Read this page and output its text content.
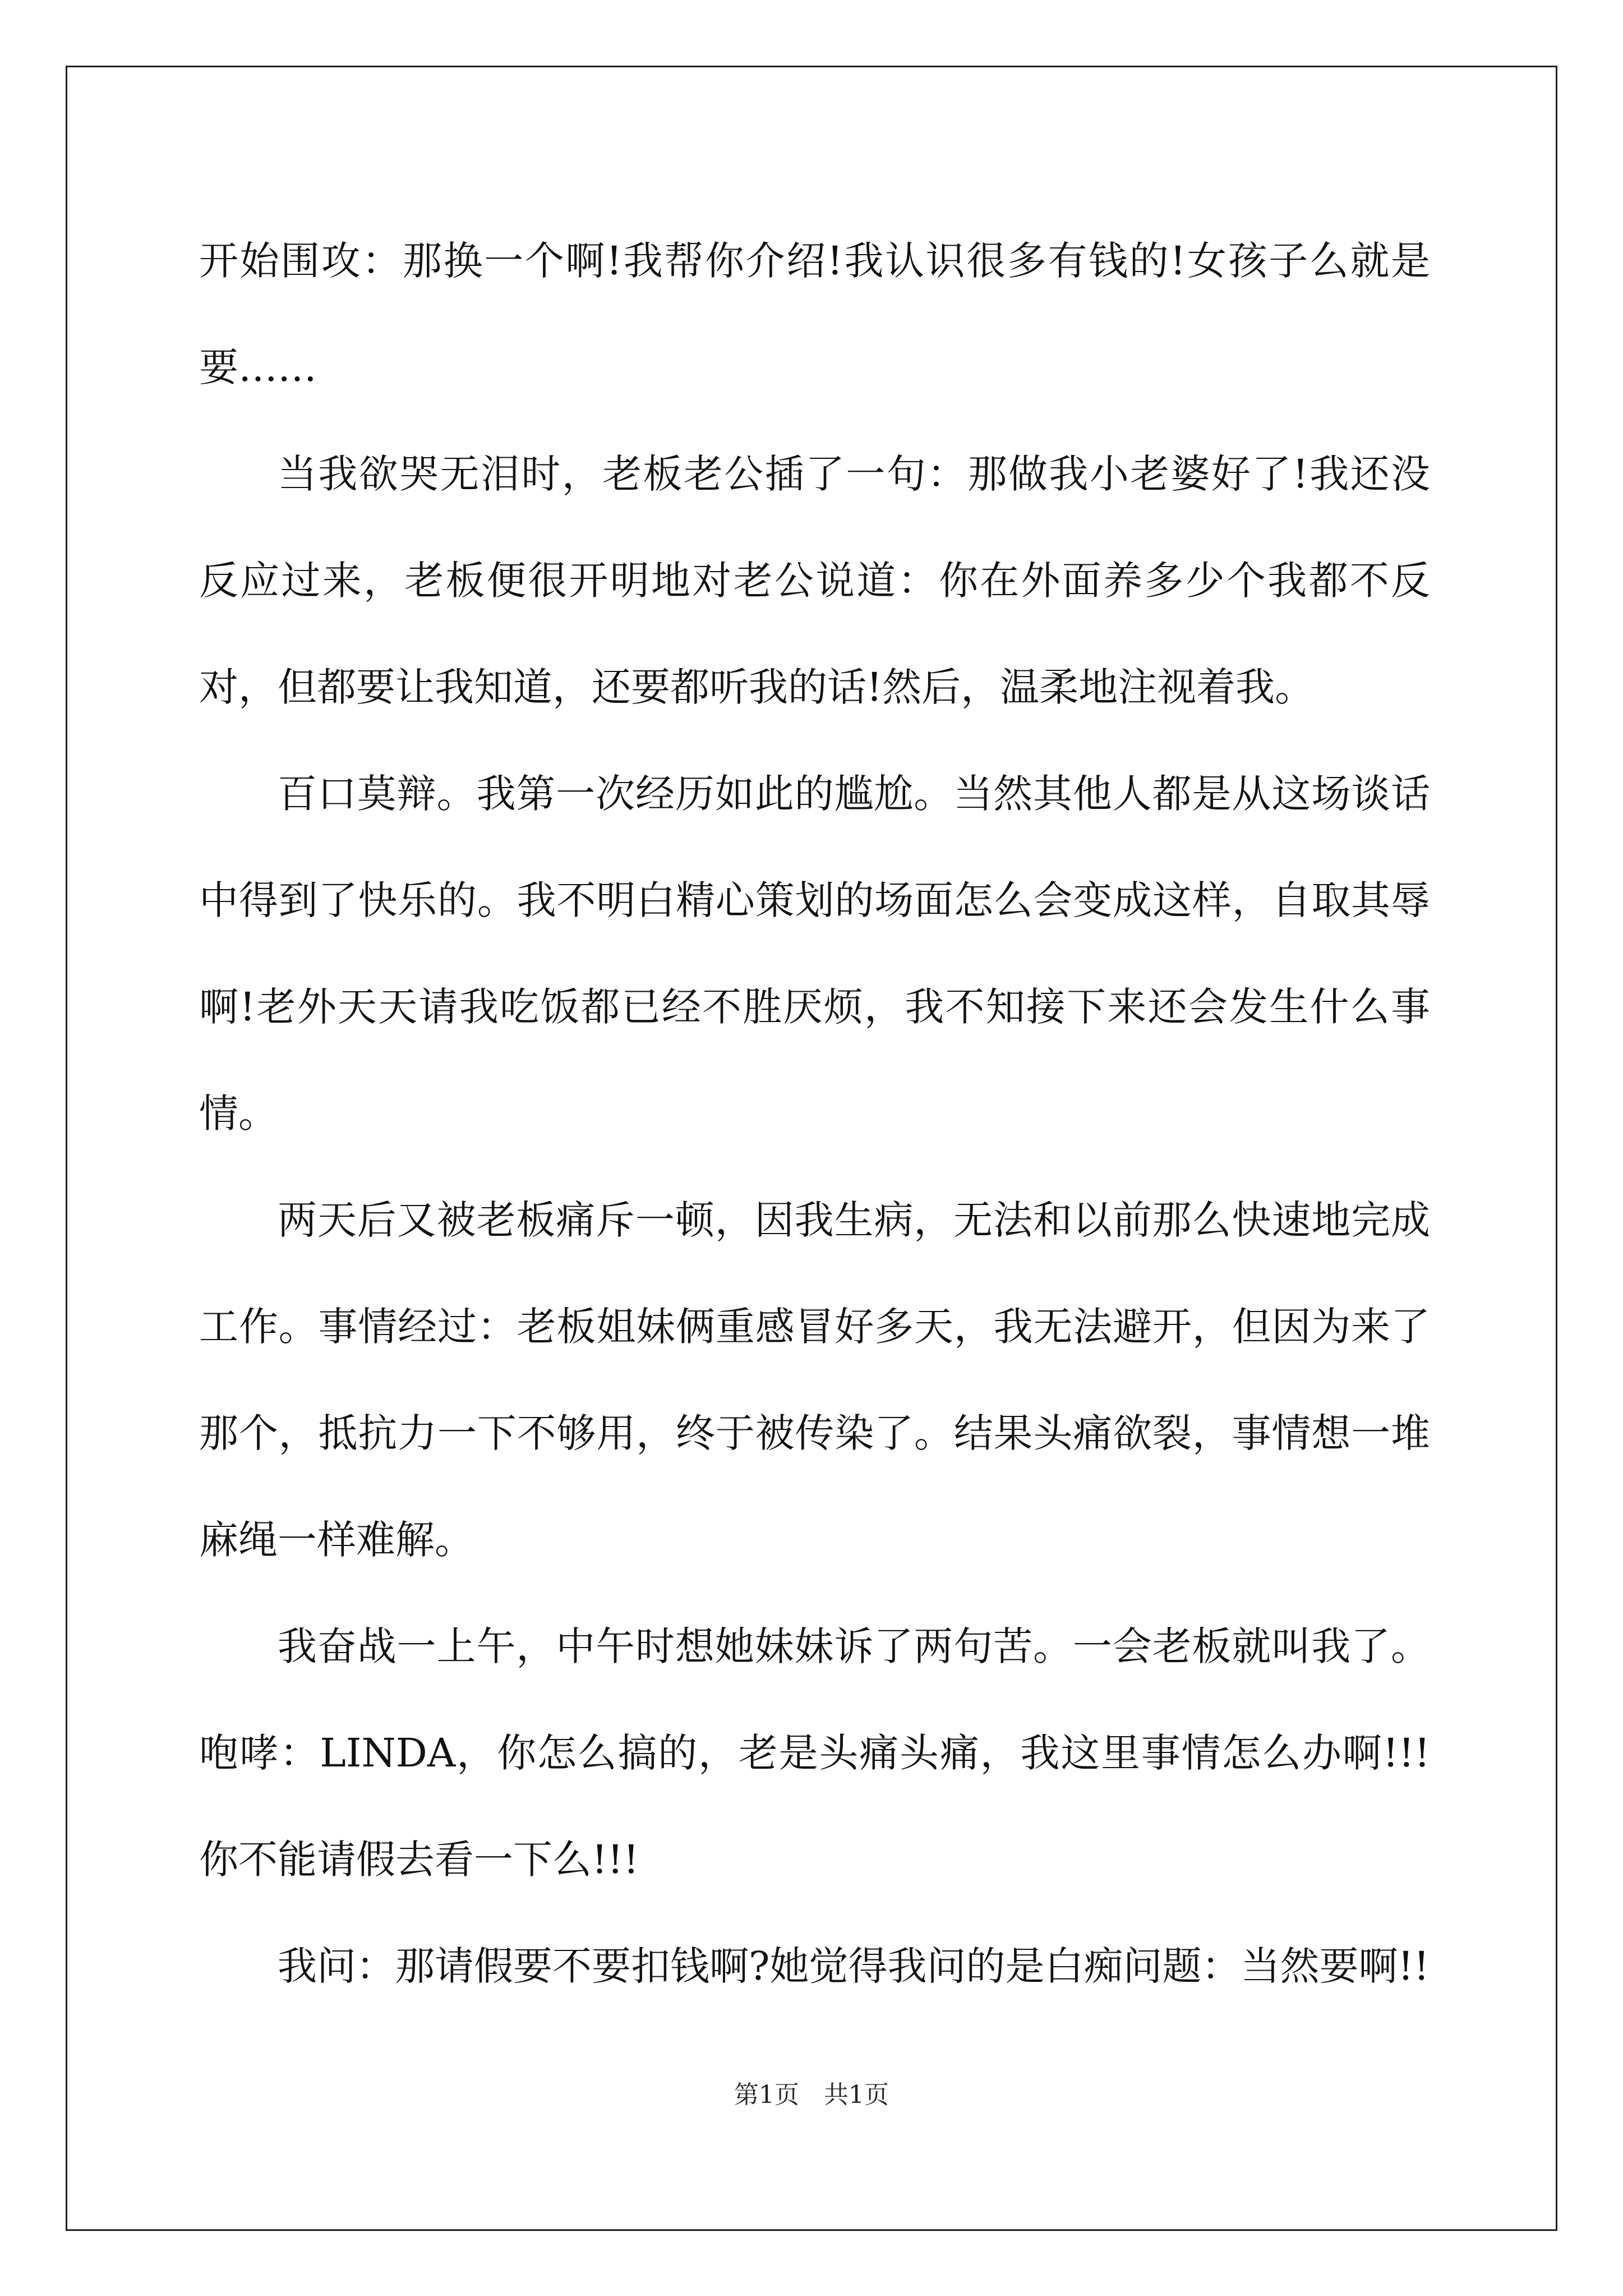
开始围攻：那换一个啊!我帮你介绍!我认识很多有钱的!女孩子么就是要……

当我欲哭无泪时，老板老公插了一句：那做我小老婆好了!我还没反应过来，老板便很开明地对老公说道：你在外面养多少个我都不反对，但都要让我知道，还要都听我的话!然后，温柔地注视着我。

百口莫辩。我第一次经历如此的尴尬。当然其他人都是从这场谈话中得到了快乐的。我不明白精心策划的场面怎么会变成这样，自取其辱啊!老外天天请我吃饭都已经不胜厌烦，我不知接下来还会发生什么事情。

两天后又被老板痛斥一顿，因我生病，无法和以前那么快速地完成工作。事情经过：老板姐妹俩重感冒好多天，我无法避开，但因为来了那个，抵抗力一下不够用，终于被传染了。结果头痛欲裂，事情想一堆麻绳一样难解。

我奋战一上午，中午时想她妹妹诉了两句苦。一会老板就叫我了。咆哮：LINDA，你怎么搞的，老是头痛头痛，我这里事情怎么办啊!!!你不能请假去看一下么!!!

我问：那请假要不要扣钱啊?她觉得我问的是白痴问题：当然要啊!!

第1页 共1页
